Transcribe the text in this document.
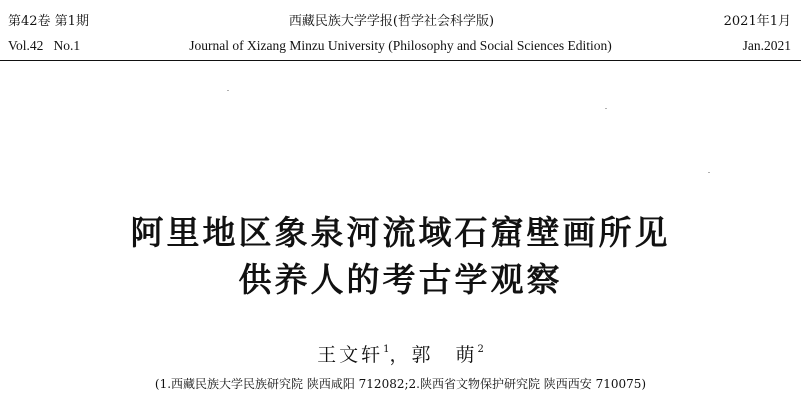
第42卷 第1期	西藏民族大学学报(哲学社会科学版)	2021年1月
Vol.42   No.1	Journal of Xizang Minzu University (Philosophy and Social Sciences Edition)	Jan.2021
阿里地区象泉河流域石窟壁画所见
供养人的考古学观察
王文轩$^1$，郭　萌$^2$
(1.西藏民族大学民族研究院 陕西咸阳 712082;2.陕西省文物保护研究院 陕西西安 710075)
